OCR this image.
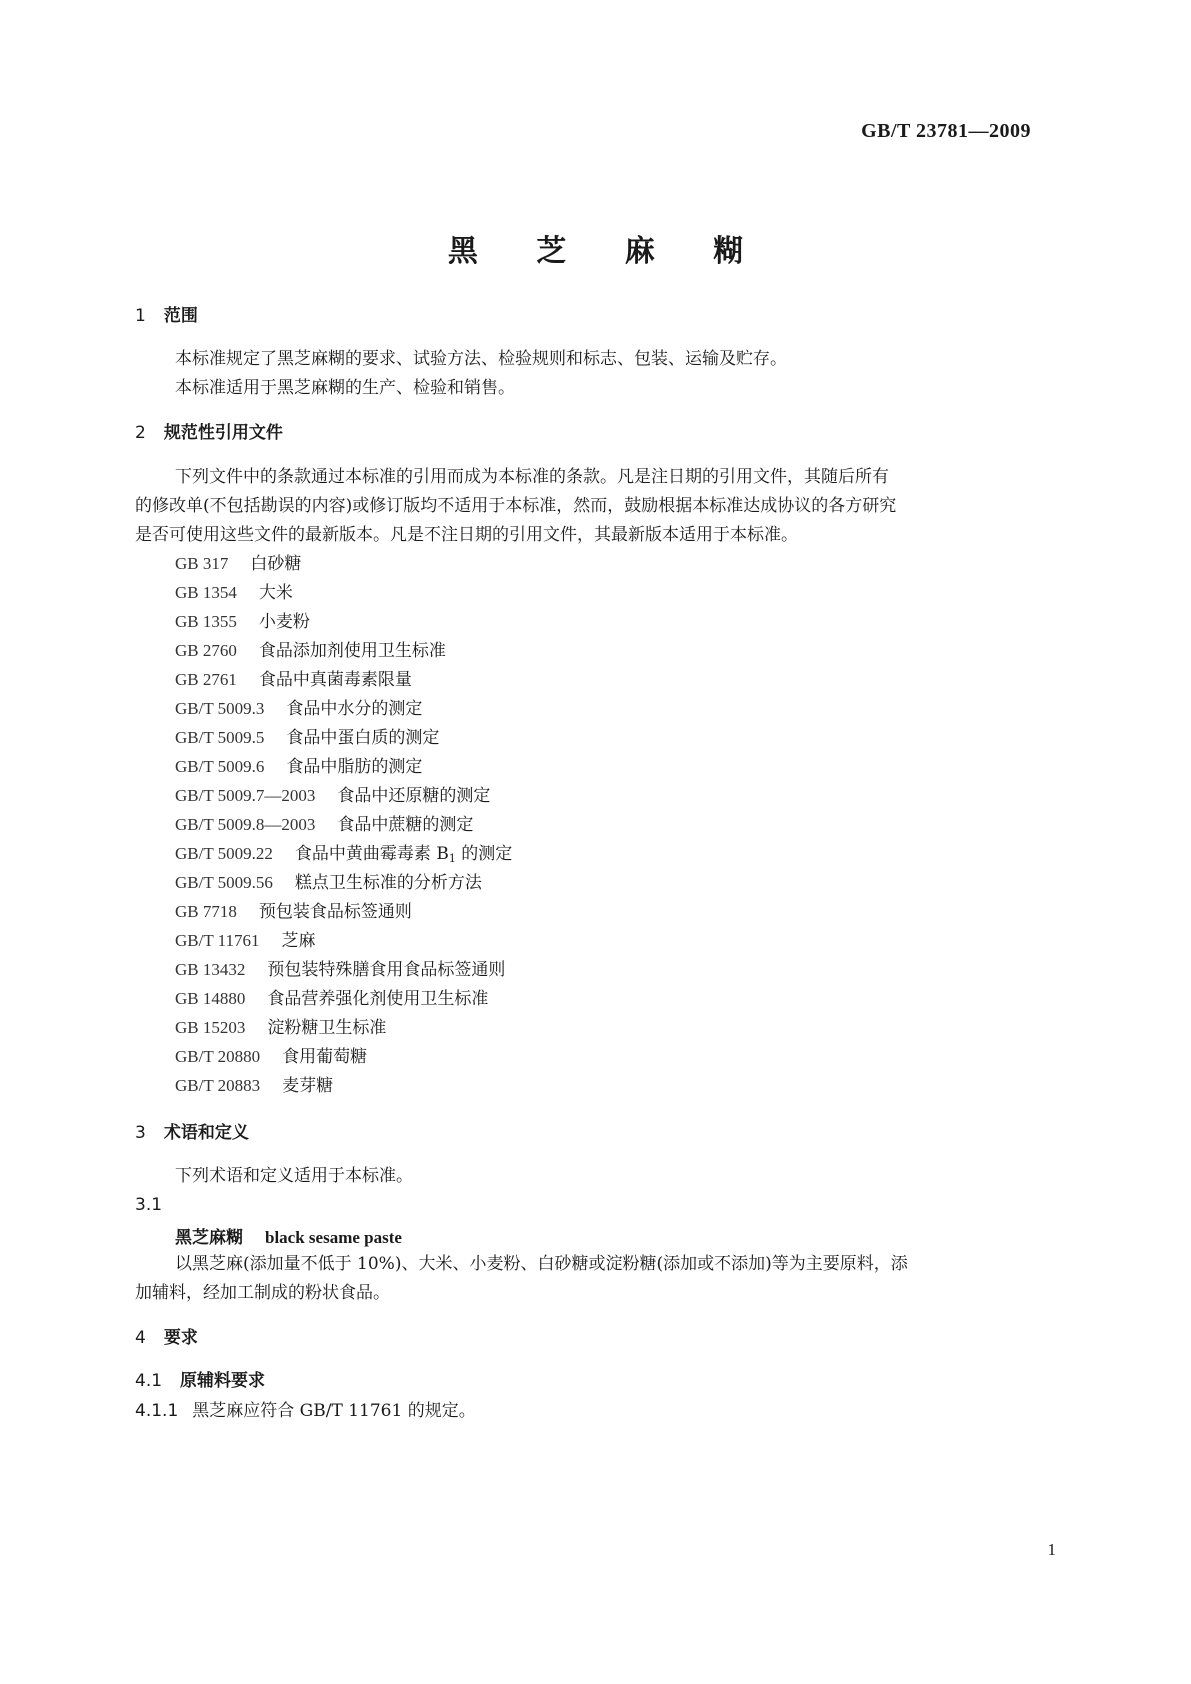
GB/T 23781—2009
黑 芝 麻 糊
1 范围
本标准规定了黑芝麻糊的要求、试验方法、检验规则和标志、包装、运输及贮存。
本标准适用于黑芝麻糊的生产、检验和销售。
2 规范性引用文件
下列文件中的条款通过本标准的引用而成为本标准的条款。凡是注日期的引用文件，其随后所有
的修改单(不包括勘误的内容)或修订版均不适用于本标准，然而，鼓励根据本标准达成协议的各方研究
是否可使用这些文件的最新版本。凡是不注日期的引用文件，其最新版本适用于本标准。
GB 317 白砂糖
GB 1354 大米
GB 1355 小麦粉
GB 2760 食品添加剂使用卫生标准
GB 2761 食品中真菌毒素限量
GB/T 5009.3 食品中水分的测定
GB/T 5009.5 食品中蛋白质的测定
GB/T 5009.6 食品中脂肪的测定
GB/T 5009.7—2003 食品中还原糖的测定
GB/T 5009.8—2003 食品中蔗糖的测定
GB/T 5009.22 食品中黄曲霉毒素 $B_1$ 的测定
GB/T 5009.56 糕点卫生标准的分析方法
GB 7718 预包装食品标签通则
GB/T 11761 芝麻
GB 13432 预包装特殊膳食用食品标签通则
GB 14880 食品营养强化剂使用卫生标准
GB 15203 淀粉糖卫生标准
GB/T 20880 食用葡萄糖
GB/T 20883 麦芽糖
3 术语和定义
下列术语和定义适用于本标准。
3.1
黑芝麻糊 black sesame paste
以黑芝麻(添加量不低于 10%)、大米、小麦粉、白砂糖或淀粉糖(添加或不添加)等为主要原料，添
加辅料，经加工制成的粉状食品。
4 要求
4.1 原辅料要求
4.1.1 黑芝麻应符合 GB/T 11761 的规定。
1
